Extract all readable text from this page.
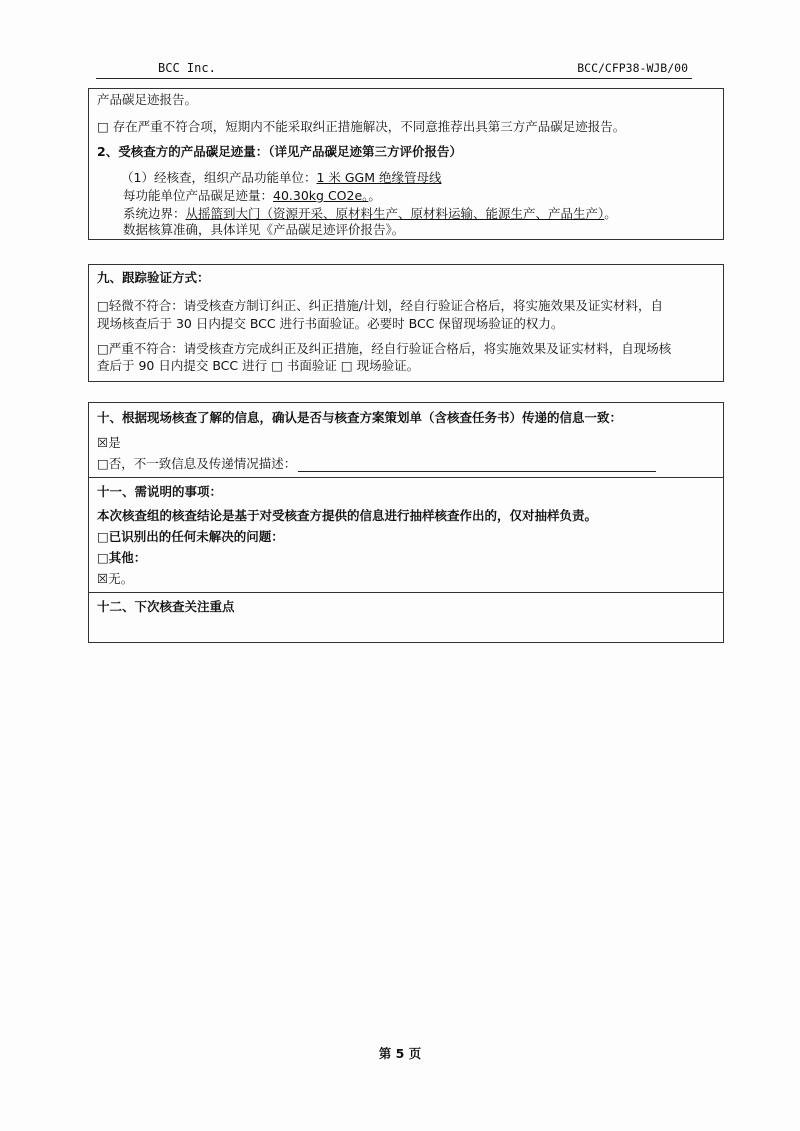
BCC Inc.	BCC/CFP38-WJB/00
产品碳足迹报告。
□ 存在严重不符合项，短期内不能采取纠正措施解决，不同意推荐出具第三方产品碳足迹报告。
2、受核查方的产品碳足迹量：（详见产品碳足迹第三方评价报告）
（1）经核查，组织产品功能单位：1 米 GGM 绝缘管母线
每功能单位产品碳足迹量：40.30kg CO2e。。
系统边界：从摇篮到大门（资源开采、原材料生产、原材料运输、能源生产、产品生产）。
数据核算准确，具体详见《产品碳足迹评价报告》。
九、跟踪验证方式：
□轻微不符合：请受核查方制订纠正、纠正措施/计划，经自行验证合格后，将实施效果及证实材料，自
现场核查后于 30 日内提交 BCC 进行书面验证。必要时 BCC 保留现场验证的权力。
□严重不符合：请受核查方完成纠正及纠正措施，经自行验证合格后，将实施效果及证实材料，自现场核
查后于 90 日内提交 BCC 进行 □ 书面验证 □ 现场验证。
十、根据现场核查了解的信息，确认是否与核查方案策划单（含核查任务书）传递的信息一致：
☒是
□否，不一致信息及传递情况描述：
十一、需说明的事项：
本次核查组的核查结论是基于对受核查方提供的信息进行抽样核查作出的，仅对抽样负责。
□已识别出的任何未解决的问题：
□其他：
☒无。
十二、下次核查关注重点
第 5 页
